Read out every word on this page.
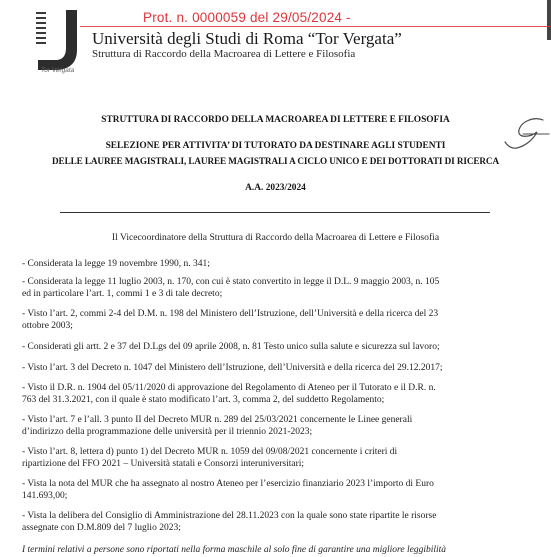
Prot. n. 0000059 del 29/05/2024 -
Tor Vergata
Università degli Studi di Roma “Tor Vergata”
Struttura di Raccordo della Macroarea di Lettere e Filosofia
STRUTTURA DI RACCORDO DELLA MACROAREA DI LETTERE E FILOSOFIA
SELEZIONE PER ATTIVITA’ DI TUTORATO DA DESTINARE AGLI STUDENTI
DELLE LAUREE MAGISTRALI, LAUREE MAGISTRALI A CICLO UNICO E DEI DOTTORATI DI RICERCA
A.A. 2023/2024
Il Vicecoordinatore della Struttura di Raccordo della Macroarea di Lettere e Filosofia
- Considerata la legge 19 novembre 1990, n. 341;
- Considerata la legge 11 luglio 2003, n. 170, con cui è stato convertito in legge il D.L. 9 maggio 2003, n. 105
ed in particolare l’art. 1, commi 1 e 3 di tale decreto;
- Visto l’art. 2, commi 2-4 del D.M. n. 198 del Ministero dell’Istruzione, dell’Università e della ricerca del 23
ottobre 2003;
- Considerati gli artt. 2 e 37 del D.Lgs del 09 aprile 2008, n. 81 Testo unico sulla salute e sicurezza sul lavoro;
- Visto l’art. 3 del Decreto n. 1047 del Ministero dell’Istruzione, dell’Università e della ricerca del 29.12.2017;
- Visto il D.R. n. 1904 del 05/11/2020 di approvazione del Regolamento di Ateneo per il Tutorato e il D.R. n.
763 del 31.3.2021, con il quale è stato modificato l’art. 3, comma 2, del suddetto Regolamento;
- Visto l’art. 7 e l’all. 3 punto II del Decreto MUR n. 289 del 25/03/2021 concernente le Linee generali
d’indirizzo della programmazione delle università per il triennio 2021-2023;
- Visto l’art. 8, lettera d) punto 1) del Decreto MUR n. 1059 del 09/08/2021 concernente i criteri di
ripartizione del FFO 2021 – Università statali e Consorzi interuniversitari;
- Vista la nota del MUR che ha assegnato al nostro Ateneo per l’esercizio finanziario 2023 l’importo di Euro
141.693,00;
- Vista la delibera del Consiglio di Amministrazione del 28.11.2023 con la quale sono state ripartite le risorse
assegnate con D.M.809 del 7 luglio 2023;
I termini relativi a persone sono riportati nella forma maschile al solo fine di garantire una migliore leggibilità
